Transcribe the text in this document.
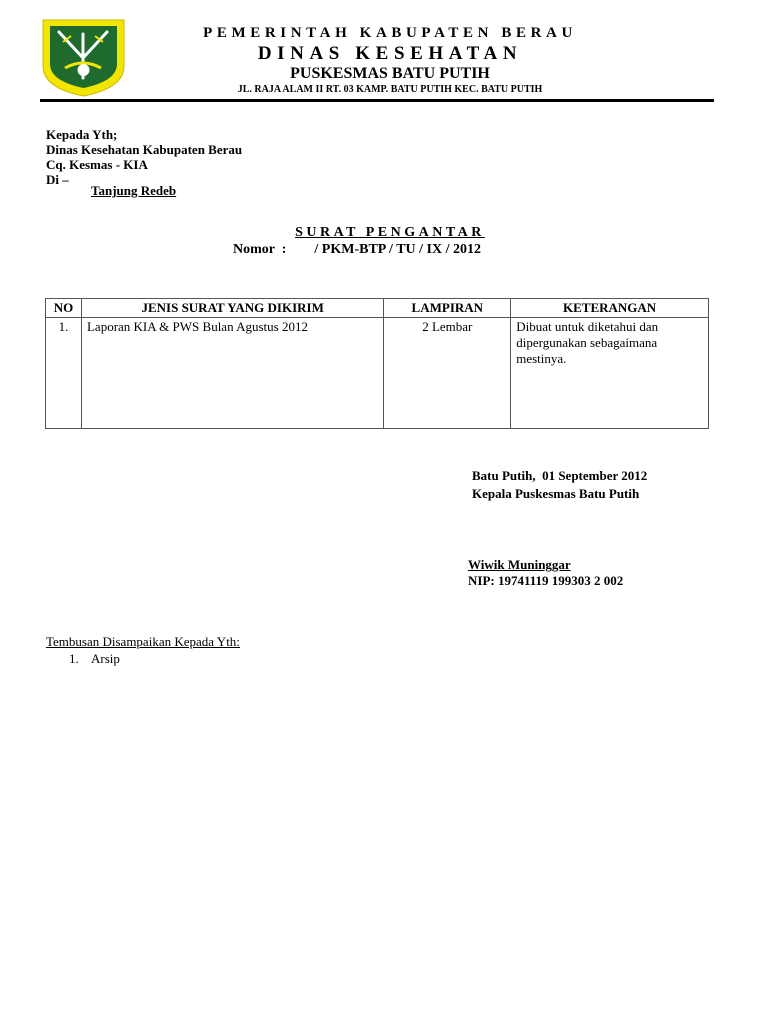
PEMERINTAH KABUPATEN BERAU
DINAS KESEHATAN
PUSKESMAS BATU PUTIH
JL. RAJA ALAM II RT. 03 KAMP. BATU PUTIH KEC. BATU PUTIH
Kepada Yth;
Dinas Kesehatan Kabupaten Berau
Cq. Kesmas - KIA
Di –
Tanjung Redeb
SURAT PENGANTAR
Nomor  :        / PKM-BTP / TU / IX / 2012
NO	JENIS SURAT YANG DIKIRIM	LAMPIRAN	KETERANGAN
1.	Laporan KIA & PWS Bulan Agustus 2012	2 Lembar	Dibuat untuk diketahui dan dipergunakan sebagaimana mestinya.
Batu Putih,  01 September 2012
Kepala Puskesmas Batu Putih
Wiwik Muninggar
NIP: 19741119 199303 2 002
Tembusan Disampaikan Kepada Yth:
1.    Arsip
